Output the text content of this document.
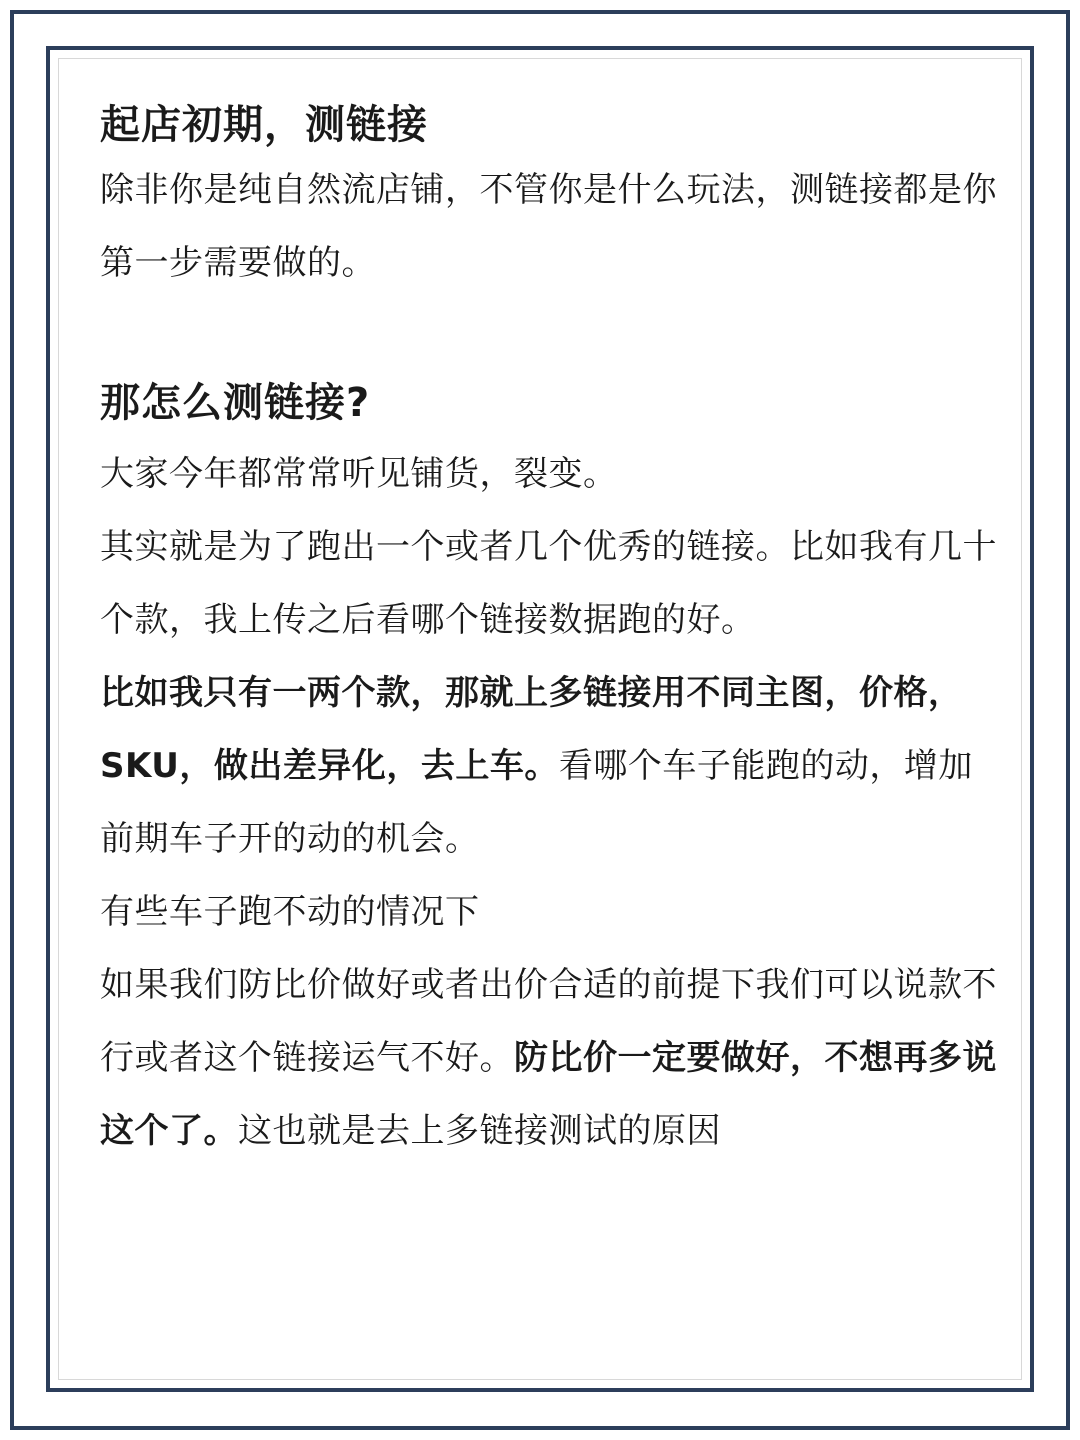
起店初期，测链接

除非你是纯自然流店铺，不管你是什么玩法，测链接都是你第一步需要做的。

那怎么测链接?

大家今年都常常听见铺货，裂变。

其实就是为了跑出一个或者几个优秀的链接。比如我有几十个款，我上传之后看哪个链接数据跑的好。

比如我只有一两个款，那就上多链接用不同主图，价格，SKU，做出差异化，去上车。看哪个车子能跑的动，增加前期车子开的动的机会。

有些车子跑不动的情况下

如果我们防比价做好或者出价合适的前提下我们可以说款不行或者这个链接运气不好。防比价一定要做好，不想再多说这个了。这也就是去上多链接测试的原因
